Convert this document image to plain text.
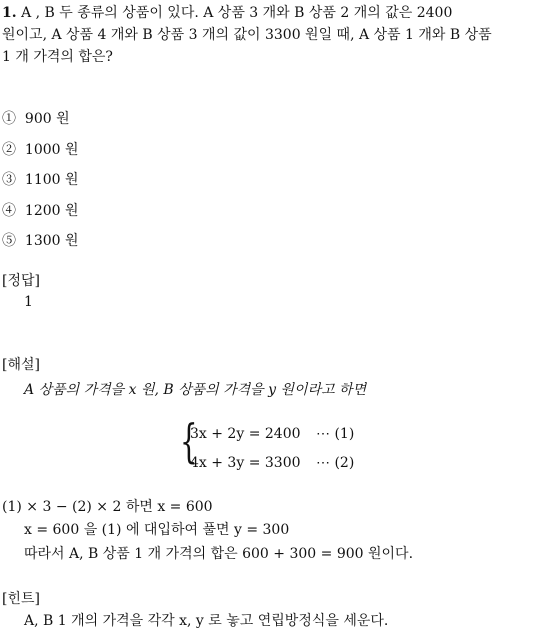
1. A , B 두 종류의 상품이 있다. A 상품 3 개와 B 상품 2 개의 값은 2400
원이고, A 상품 4 개와 B 상품 3 개의 값이 3300 원일 때, A 상품 1 개와 B 상품
1 개 가격의 합은?
① 900 원
② 1000 원
③ 1100 원
④ 1200 원
⑤ 1300 원
[정답]
1
[해설]
A 상품의 가격을 x 원, B 상품의 가격을 y 원이라고 하면
{
3x + 2y = 2400 ⋯ (1)
4x + 3y = 3300 ⋯ (2)
(1) × 3 − (2) × 2 하면 x = 600
x = 600 을 (1) 에 대입하여 풀면 y = 300
따라서 A, B 상품 1 개 가격의 합은 600 + 300 = 900 원이다.
[힌트]
A, B 1 개의 가격을 각각 x, y 로 놓고 연립방정식을 세운다.
